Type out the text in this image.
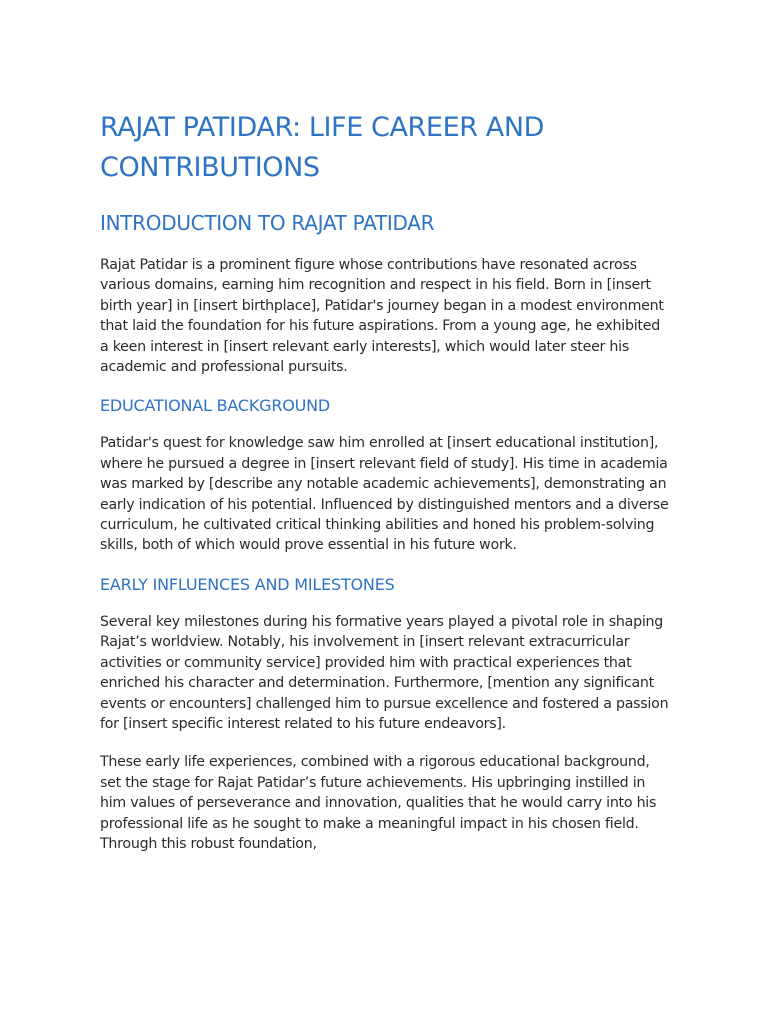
RAJAT PATIDAR: LIFE CAREER AND CONTRIBUTIONS
INTRODUCTION TO RAJAT PATIDAR

Rajat Patidar is a prominent figure whose contributions have resonated across various domains, earning him recognition and respect in his field. Born in [insert birth year] in [insert birthplace], Patidar's journey began in a modest environment that laid the foundation for his future aspirations. From a young age, he exhibited a keen interest in [insert relevant early interests], which would later steer his academic and professional pursuits.

EDUCATIONAL BACKGROUND

Patidar's quest for knowledge saw him enrolled at [insert educational institution], where he pursued a degree in [insert relevant field of study]. His time in academia was marked by [describe any notable academic achievements], demonstrating an early indication of his potential. Influenced by distinguished mentors and a diverse curriculum, he cultivated critical thinking abilities and honed his problem-solving skills, both of which would prove essential in his future work.

EARLY INFLUENCES AND MILESTONES

Several key milestones during his formative years played a pivotal role in shaping Rajat’s worldview. Notably, his involvement in [insert relevant extracurricular activities or community service] provided him with practical experiences that enriched his character and determination. Furthermore, [mention any significant events or encounters] challenged him to pursue excellence and fostered a passion for [insert specific interest related to his future endeavors].

These early life experiences, combined with a rigorous educational background, set the stage for Rajat Patidar’s future achievements. His upbringing instilled in him values of perseverance and innovation, qualities that he would carry into his professional life as he sought to make a meaningful impact in his chosen field. Through this robust foundation,
